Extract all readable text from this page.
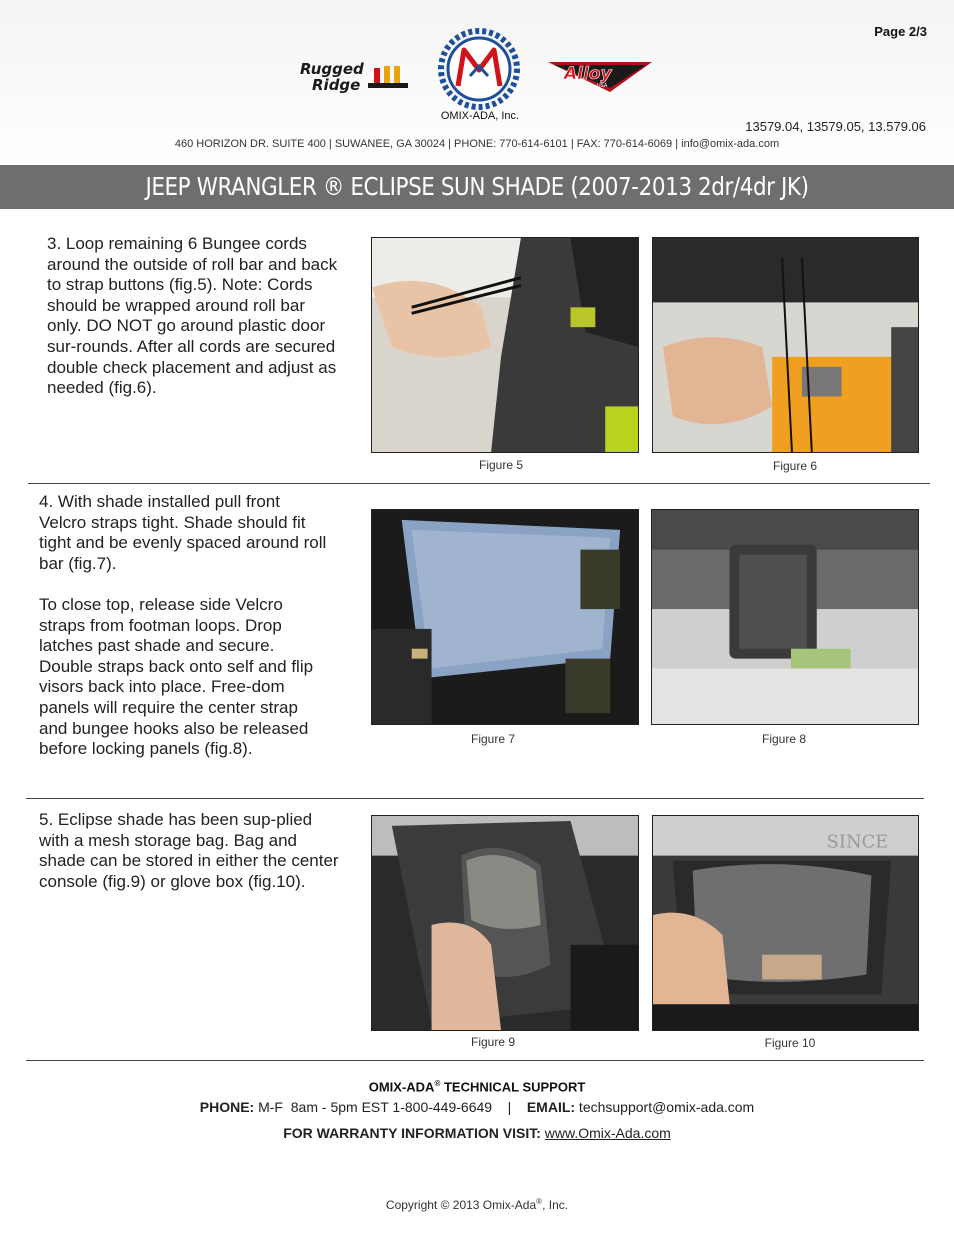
Page 2/3
Rugged
Ridge
OMIX-ADA, Inc.
Alloy
USA
13579.04, 13579.05, 13.579.06
460 HORIZON DR. SUITE 400 | SUWANEE, GA 30024 | PHONE: 770-614-6101 | FAX: 770-614-6069 | info@omix-ada.com
JEEP WRANGLER ® ECLIPSE SUN SHADE (2007-2013 2dr/4dr JK)
3. Loop remaining 6 Bungee cords around the outside of roll bar and back to strap buttons (fig.5). Note: Cords should be wrapped around roll bar only. DO NOT go around plastic door sur-rounds. After all cords are secured double check placement and adjust as needed (fig.6).
Figure 5	Figure 6
4. With shade installed pull front Velcro straps tight. Shade should fit tight and be evenly spaced around roll bar (fig.7).
To close top, release side Velcro straps from footman loops. Drop latches past shade and secure. Double straps back onto self and flip visors back into place. Free-dom panels will require the center strap and bungee hooks also be released before locking panels (fig.8).
Figure 7	Figure 8
5. Eclipse shade has been sup-plied with a mesh storage bag. Bag and shade can be stored in either the center console (fig.9) or glove box (fig.10).
SINCE
Figure 9	Figure 10
OMIX-ADA® TECHNICAL SUPPORT
PHONE: M-F  8am - 5pm EST 1-800-449-6649    |    EMAIL: techsupport@omix-ada.com
FOR WARRANTY INFORMATION VISIT: www.Omix-Ada.com
Copyright © 2013 Omix-Ada®, Inc.
